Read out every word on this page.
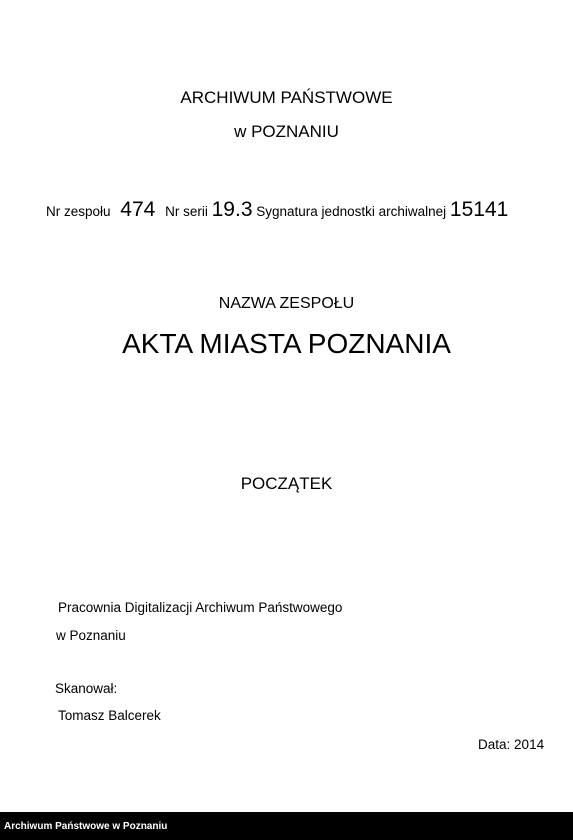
ARCHIWUM PAŃSTWOWE
w POZNANIU
Nr zespołu 474 Nr serii 19.3 Sygnatura jednostki archiwalnej 15141
NAZWA ZESPOŁU
AKTA MIASTA POZNANIA
POCZĄTEK
Pracownia Digitalizacji Archiwum Państwowego
w Poznaniu
Skanował:
Tomasz Balcerek
Data: 2014
Archiwum Państwowe w Poznaniu
